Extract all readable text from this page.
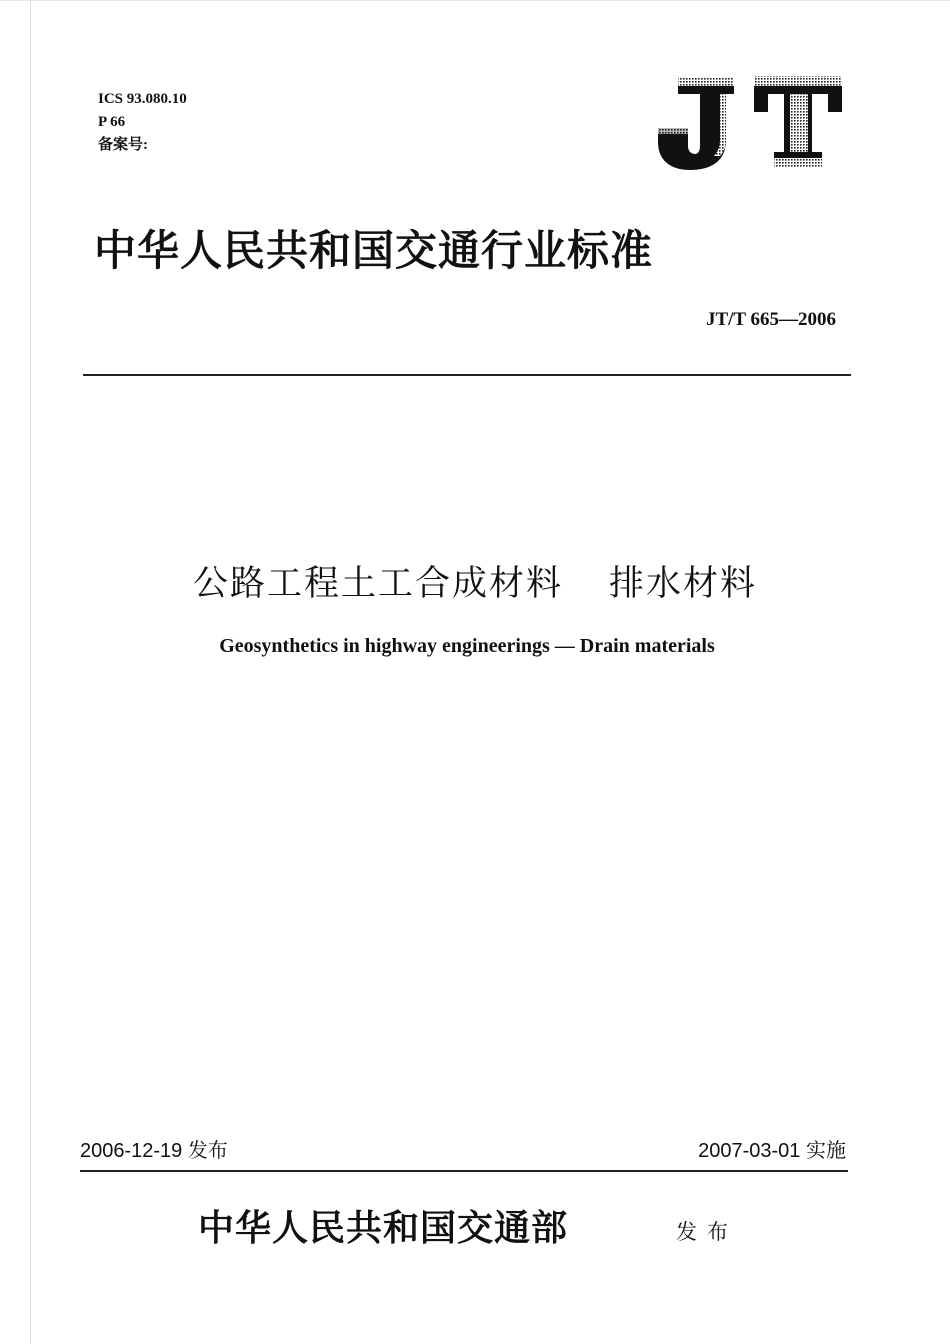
ICS 93.080.10
P 66
备案号:
中华人民共和国交通行业标准
JT/T 665—2006
公路工程土工合成材料 排水材料
Geosynthetics in highway engineerings — Drain materials
2006-12-19 发布	2007-03-01 实施
中华人民共和国交通部	发布
